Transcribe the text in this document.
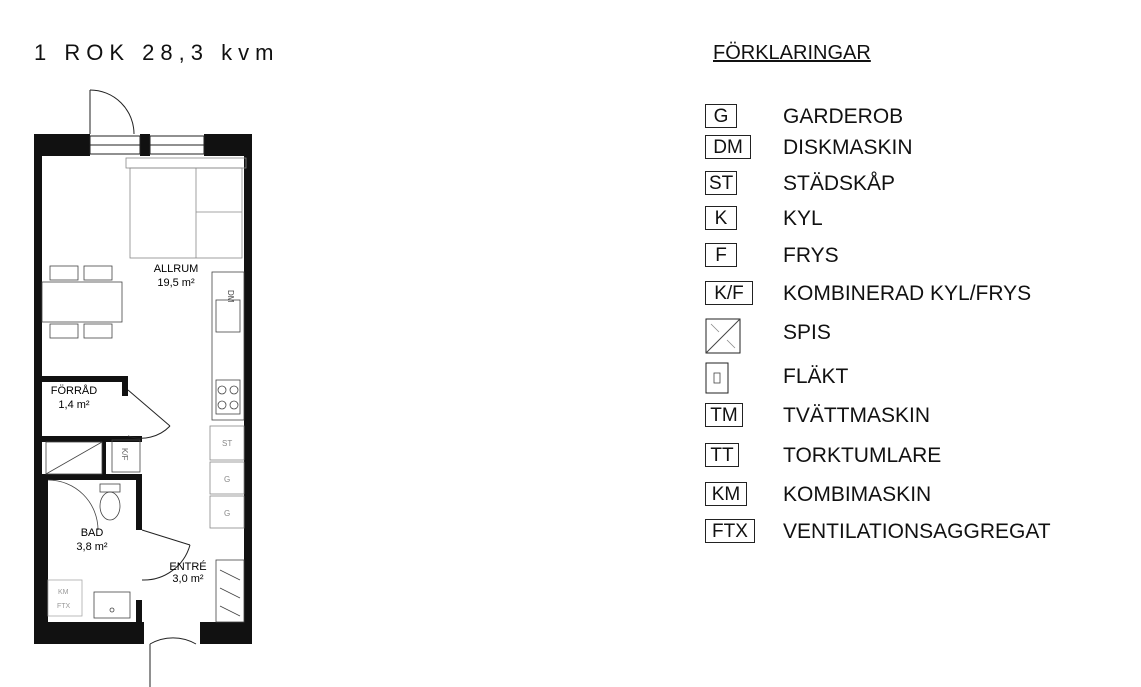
1 ROK 28,3 kvm
DM
ST
G
G
K/F
KM
FTX
ALLRUM
19,5 m²
FÖRRÅD
1,4 m²
BAD
3,8 m²
ENTRÉ
3,0 m²
FÖRKLARINGAR
G	GARDEROB
DM	DISKMASKIN
ST STÄDSKÅP
K	KYL
F	FRYS
K/F	KOMBINERAD KYL/FRYS
SPIS
FLÄKT
TM TVÄTTMASKIN
TT TORKTUMLARE
KM	KOMBIMASKIN
FTX	VENTILATIONSAGGREGAT
